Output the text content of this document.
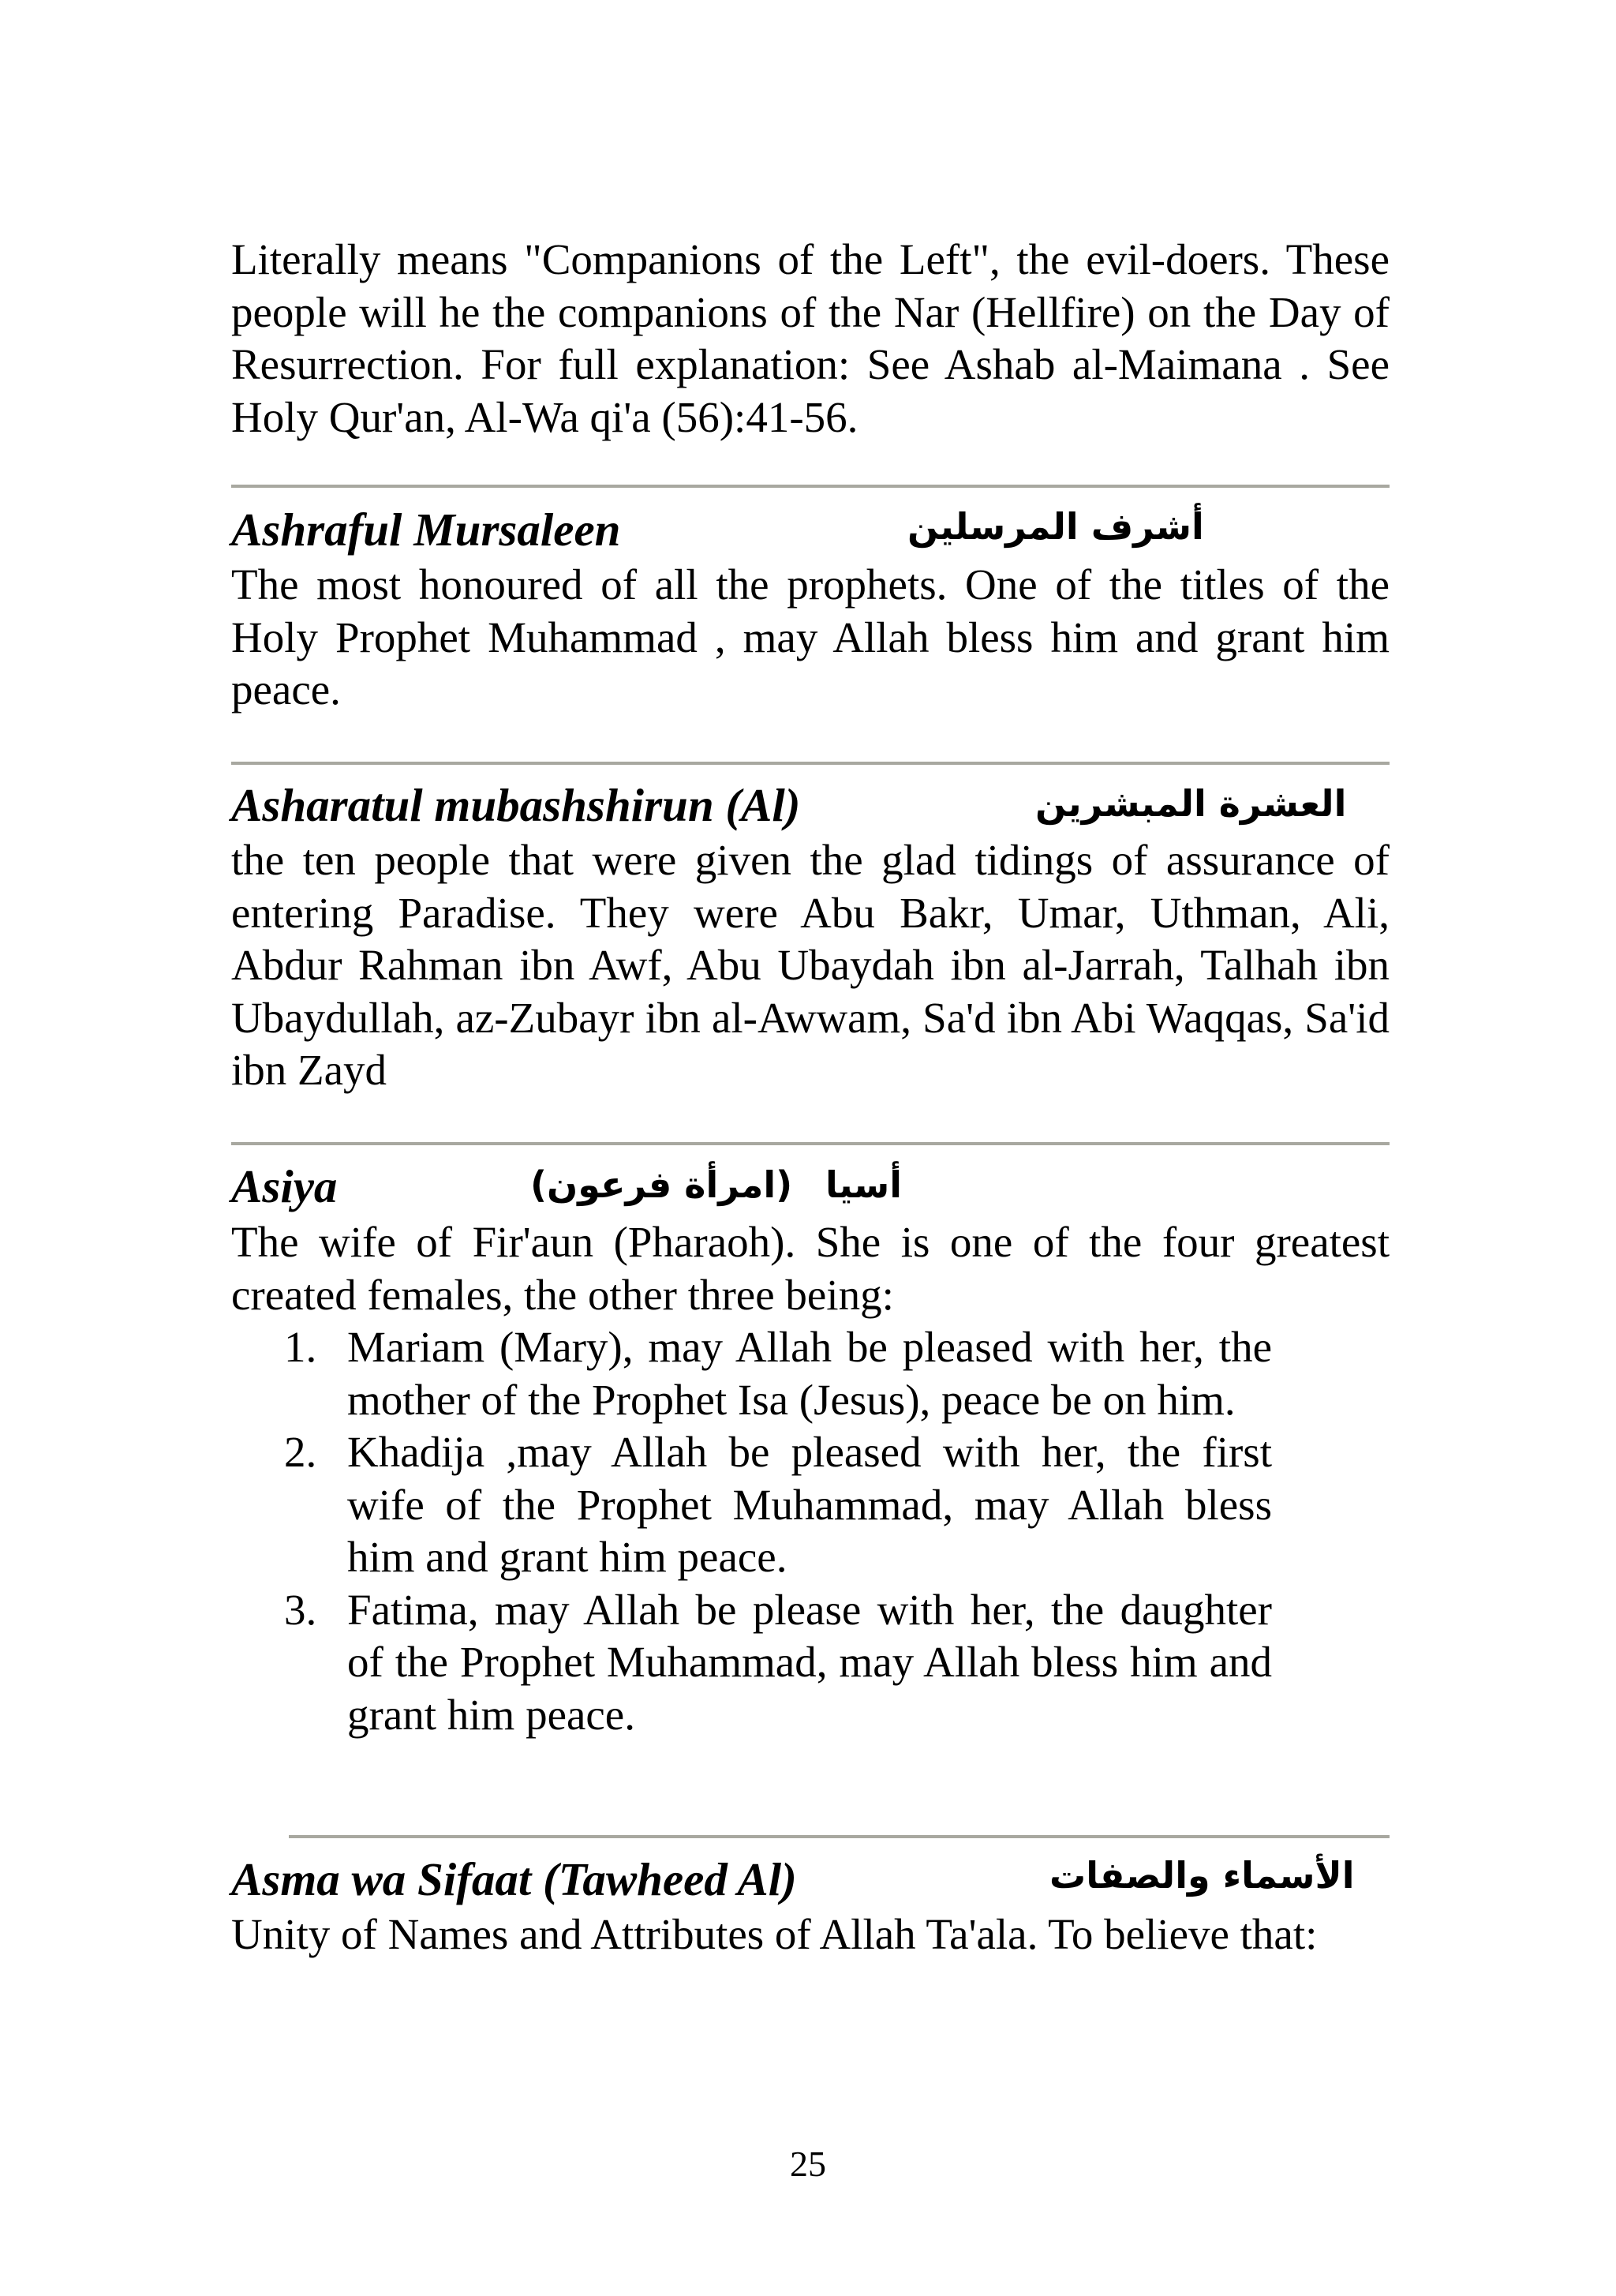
Literally means "Companions of the Left", the evil-doers. These people will he the companions of the Nar (Hellfire) on the Day of Resurrection. For full explanation: See Ashab al-Maimana . See Holy Qur'an, Al-Wa qi'a (56):41-56.

Ashraful Mursaleen	أشرف المرسلين

The most honoured of all the prophets. One of the titles of the Holy Prophet Muhammad , may Allah bless him and grant him peace.

Asharatul mubashshirun (Al)	العشرة المبشرين

the ten people that were given the glad tidings of assurance of entering Paradise. They were Abu Bakr, Umar, Uthman, Ali, Abdur Rahman ibn Awf, Abu Ubaydah ibn al-Jarrah, Talhah ibn Ubaydullah, az-Zubayr ibn al-Awwam, Sa'd ibn Abi Waqqas, Sa'id ibn Zayd

Asiya	(امرأة فرعون) أسيا

The wife of Fir'aun (Pharaoh). She is one of the four greatest created females, the other three being:

1. Mariam (Mary), may Allah be pleased with her, the mother of the Prophet Isa (Jesus), peace be on him.
2. Khadija ,may Allah be pleased with her, the first wife of the Prophet Muhammad, may Allah bless him and grant him peace.
3. Fatima, may Allah be please with her, the daughter of the Prophet Muhammad, may Allah bless him and grant him peace.
Asma wa Sifaat (Tawheed Al)	الأسماء والصفات

Unity of Names and Attributes of Allah Ta'ala. To believe that:

25
